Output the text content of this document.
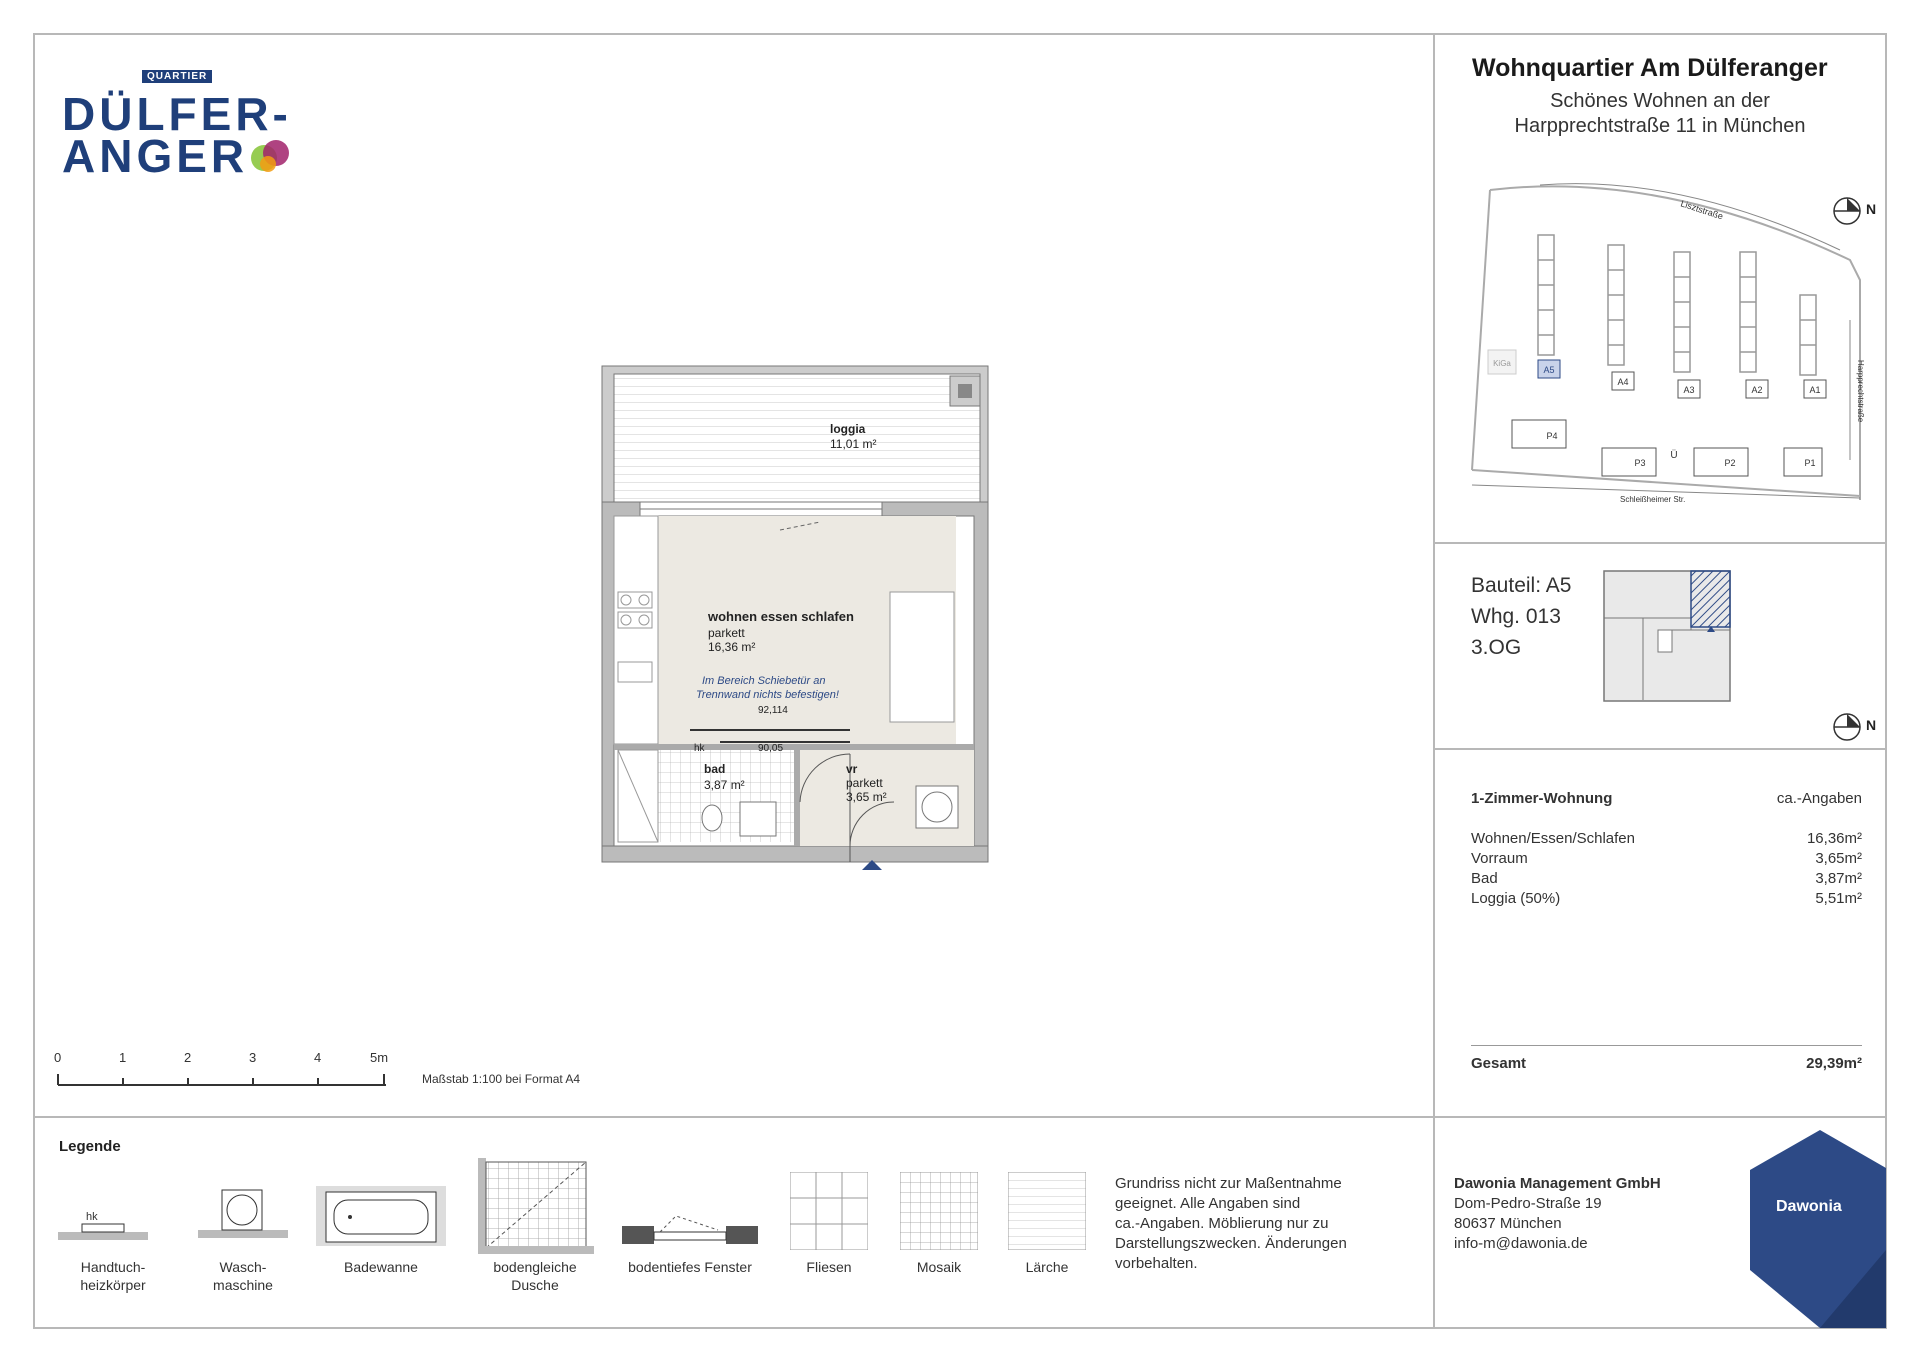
QUARTIER
DÜLFER-
ANGER
Wohnquartier Am Dülferanger
Schönes Wohnen an der
Harpprechtstraße 11 in München
KiGa
A5
A4
A3	A2	A1
P4
P3
Ü
P2	P1
Lisztstraße
Schleißheimer Str.
Harpprechtstraße
N
Bauteil: A5
Whg. 013
3.OG
N
1-Zimmer-Wohnung	ca.-Angaben
Wohnen/Essen/Schlafen	16,36m²
Vorraum	3,65m²
Bad	3,87m²
Loggia (50%)	5,51m²
Gesamt	29,39m²
loggia
11,01 m²
wohnen essen schlafen
parkett
16,36 m²
Im Bereich Schiebetür an
Trennwand nichts befestigen!
92,114
90,05
hk
bad
3,87 m²
vr
parkett
3,65 m²
0	1	2	3	4	5m
Maßstab 1:100 bei Format A4
Legende
hk
Handtuch-
heizkörper
Wasch-
maschine
Badewanne	bodengleiche
Dusche
bodentiefes Fenster	Fliesen	Mosaik	Lärche

Grundriss nicht zur Maßentnahme
geeignet. Alle Angaben sind
ca.-Angaben. Möblierung nur zu
Darstellungszwecken. Änderungen
vorbehalten.
Dawonia Management GmbH
Dom-Pedro-Straße 19
80637 München
info-m@dawonia.de
Dawonia
